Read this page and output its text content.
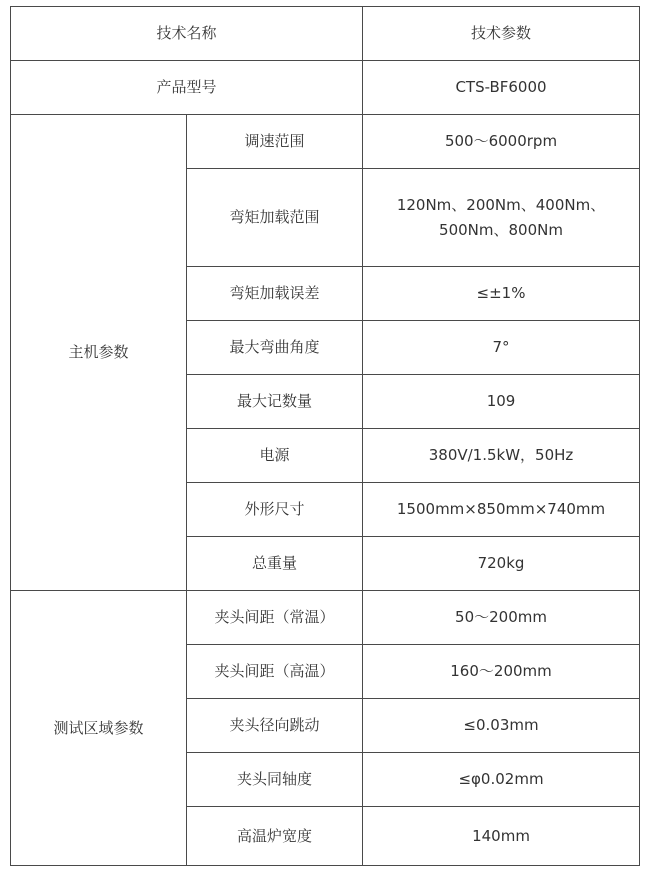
技术名称		技术参数
产品型号		CTS-BF6000
主机参数	调速范围	500～6000rpm
	弯矩加载范围	120Nm、200Nm、400Nm、500Nm、800Nm
	弯矩加载误差	≤±1%
	最大弯曲角度	7°
	最大记数量	109
	电源	380V/1.5kW，50Hz
	外形尺寸	1500mm×850mm×740mm
	总重量	720kg
测试区域参数	夹头间距（常温）	50～200mm
	夹头间距（高温）	160～200mm
	夹头径向跳动	≤0.03mm
	夹头同轴度	≤φ0.02mm
	高温炉宽度	140mm
